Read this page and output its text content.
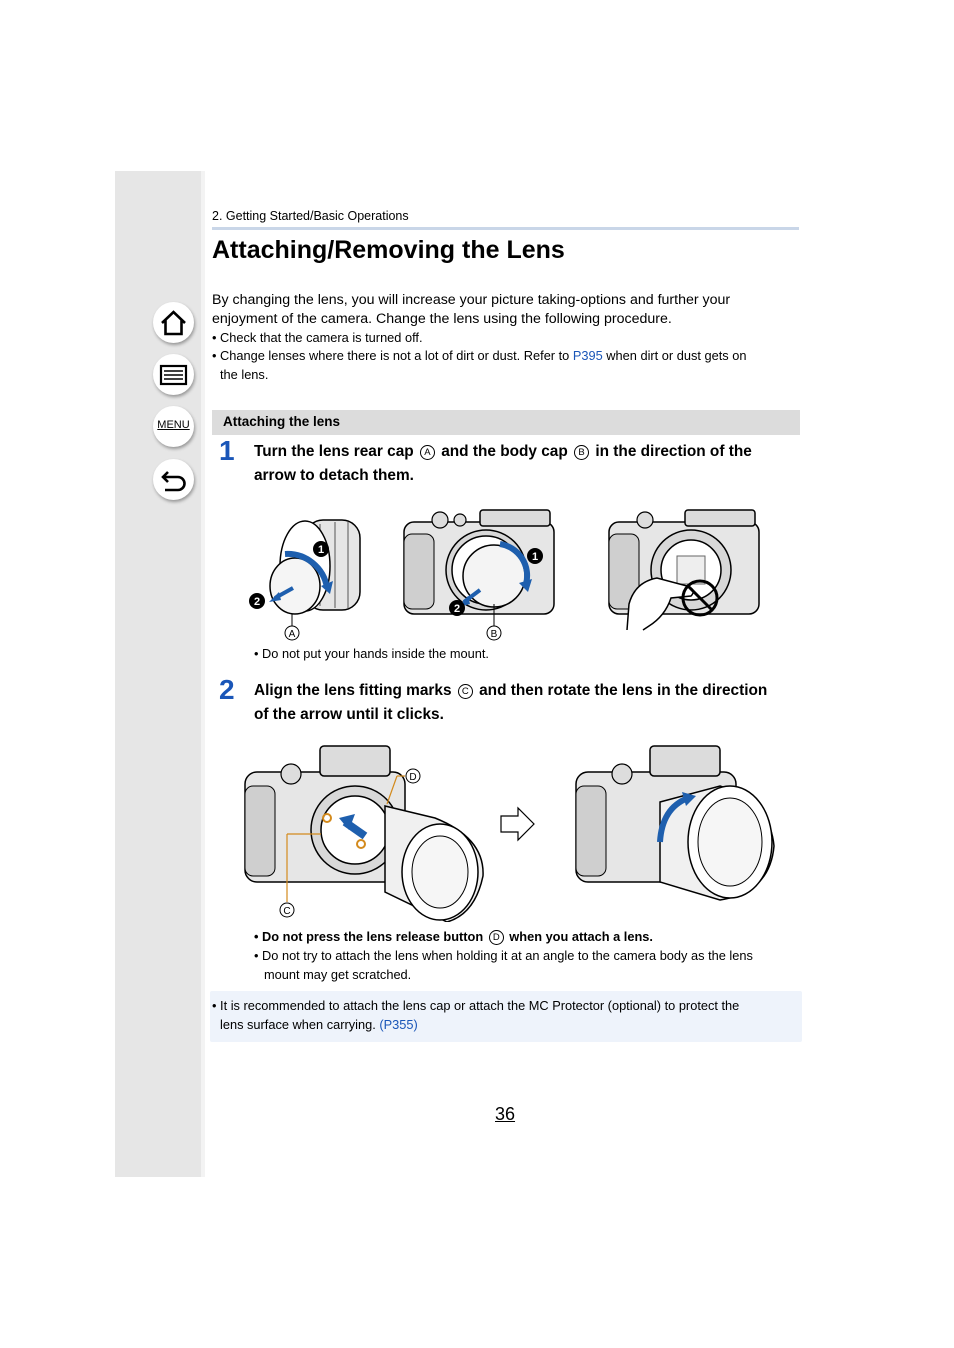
MENU
2. Getting Started/Basic Operations
Attaching/Removing the Lens
By changing the lens, you will increase your picture taking-options and further your enjoyment of the camera. Change the lens using the following procedure.
• Check that the camera is turned off.
• Change lenses where there is not a lot of dirt or dust. Refer to P395 when dirt or dust gets on
the lens.
Attaching the lens
1 Turn the lens rear cap A and the body cap B in the direction of the
arrow to detach them.
1
2
A
1
2
B
• Do not put your hands inside the mount.
2 Align the lens fitting marks C and then rotate the lens in the direction
of the arrow until it clicks.
C
D
• Do not press the lens release button D when you attach a lens.
• Do not try to attach the lens when holding it at an angle to the camera body as the lens
mount may get scratched.
• It is recommended to attach the lens cap or attach the MC Protector (optional) to protect the
lens surface when carrying. (P355)
36
